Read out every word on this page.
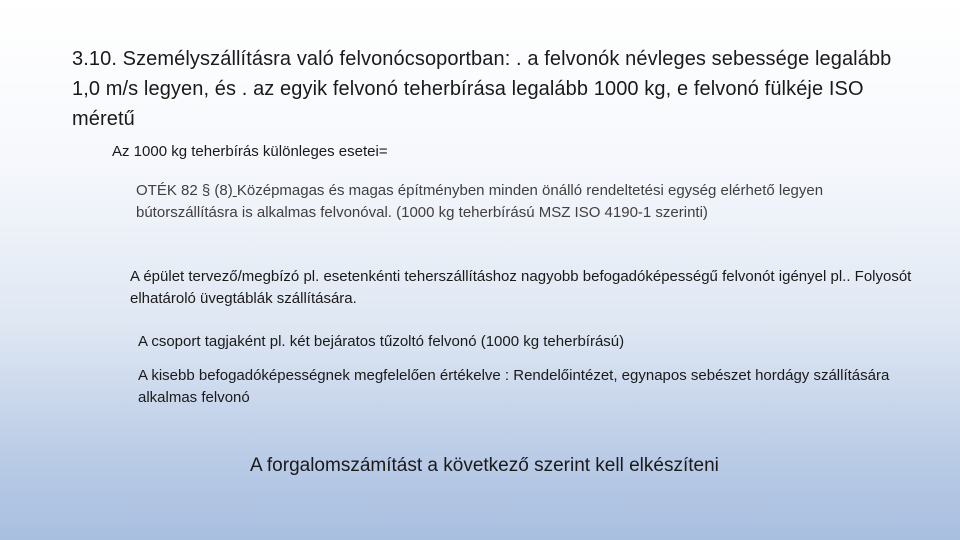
3.10. Személyszállításra való felvonócsoportban: . a felvonók névleges sebessége legalább 1,0 m/s legyen, és . az egyik felvonó teherbírása legalább 1000 kg, e felvonó fülkéje ISO méretű

Az 1000 kg teherbírás különleges esetei=

OTÉK 82 § (8) Középmagas és magas építményben minden önálló rendeltetési egység elérhető legyen bútorszállításra is alkalmas felvonóval. (1000 kg teherbírású MSZ ISO 4190-1 szerinti)

A épület tervező/megbízó pl. esetenkénti teherszállításhoz nagyobb befogadóképességű felvonót igényel pl.. Folyosót elhatároló üvegtáblák szállítására.

A csoport tagjaként pl. két bejáratos tűzoltó felvonó (1000 kg teherbírású)

A kisebb befogadóképességnek megfelelően értékelve : Rendelőintézet, egynapos sebészet hordágy szállítására alkalmas felvonó

A forgalomszámítást a következő szerint kell elkészíteni
